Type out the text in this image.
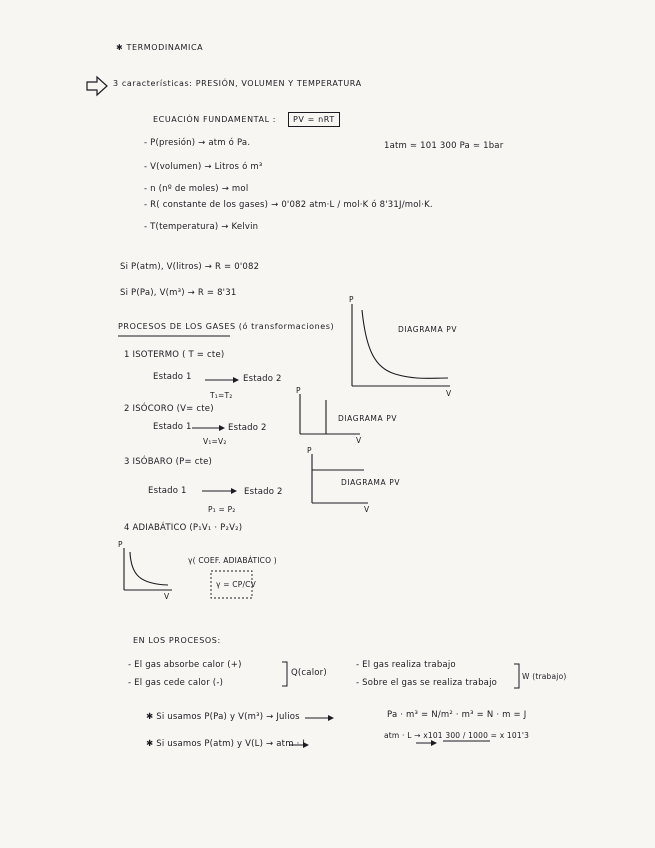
✱ TERMODINAMICA
3 características: PRESIÓN, VOLUMEN Y TEMPERATURA
ECUACIÓN FUNDAMENTAL :	PV = nRT
1atm ≃ 101 300 Pa ≃ 1bar
- P(presión) → atm ó Pa.
- V(volumen) → Litros ó m³
- n (nº de moles) → mol
- R( constante de los gases) → 0'082 atm·L / mol·K ó 8'31J/mol·K.
- T(temperatura) → Kelvin
Si P(atm), V(litros) → R = 0'082
Si P(Pa), V(m³) → R = 8'31
PROCESOS DE LOS GASES (ó transformaciones)
P
V
DIAGRAMA PV
1 ISOTERMO ( T = cte)
Estado 1	Estado 2
T₁=T₂
P
V
DIAGRAMA PV
2 ISÓCORO (V= cte)
Estado 1	Estado 2
V₁=V₂
P
V
DIAGRAMA PV
3 ISÓBARO (P= cte)
Estado 1	Estado 2
P₁ = P₂
4 ADIABÁTICO (P₁V₁ · P₂V₂)
P
V
γ( COEF. ADIABÁTICO )
γ = CP/CV
EN LOS PROCESOS:
- El gas absorbe calor (+)
- El gas cede calor (-)
Q(calor)
- El gas realiza trabajo
- Sobre el gas se realiza trabajo
W (trabajo)
✱ Si usamos P(Pa) y V(m³) → Julios	Pa · m³ = N/m² · m³ = N · m = J
✱ Si usamos P(atm) y V(L) → atm · L
atm · L → x101 300 / 1000 = x 101'3
